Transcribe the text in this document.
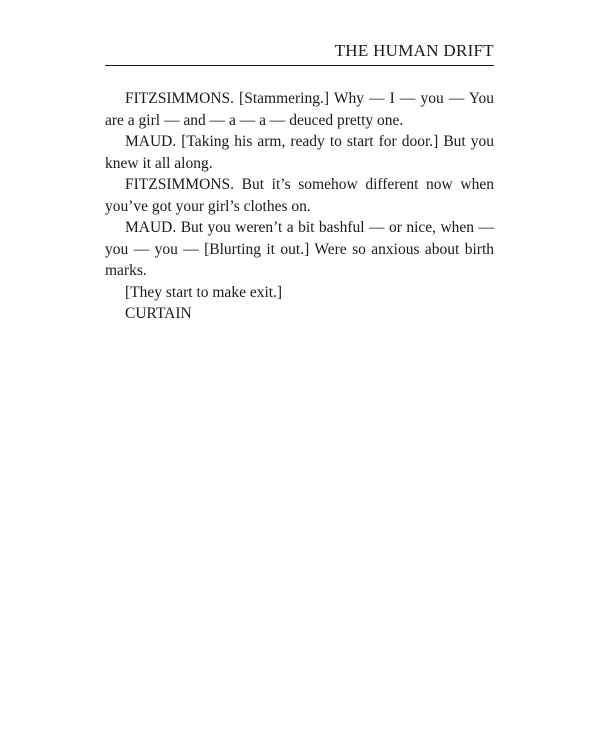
THE HUMAN DRIFT

FITZSIMMONS. [Stammering.] Why — I — you — You are a girl — and — a — a — deuced pretty one.

MAUD. [Taking his arm, ready to start for door.] But you knew it all along.

FITZSIMMONS. But it’s somehow different now when you’ve got your girl’s clothes on.

MAUD. But you weren’t a bit bashful — or nice, when — you — you — [Blurting it out.] Were so anxious about birth marks.

[They start to make exit.]

CURTAIN
